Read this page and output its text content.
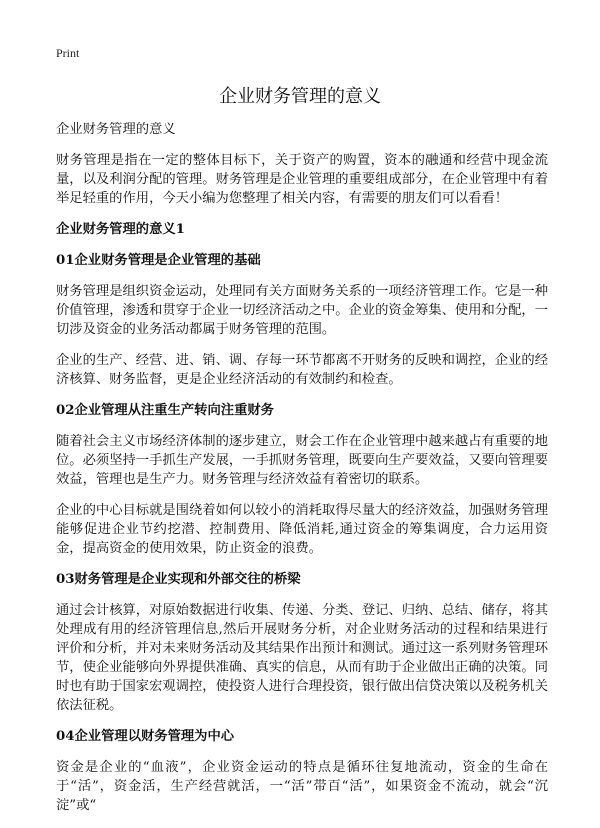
Print
企业财务管理的意义

企业财务管理的意义

财务管理是指在一定的整体目标下，关于资产的购置，资本的融通和经营中现金流量，以及利润分配的管理。财务管理是企业管理的重要组成部分，在企业管理中有着举足轻重的作用，今天小编为您整理了相关内容，有需要的朋友们可以看看！

企业财务管理的意义1
01企业财务管理是企业管理的基础

财务管理是组织资金运动，处理同有关方面财务关系的一项经济管理工作。它是一种价值管理，渗透和贯穿于企业一切经济活动之中。企业的资金筹集、使用和分配，一切涉及资金的业务活动都属于财务管理的范围。

企业的生产、经营、进、销、调、存每一环节都离不开财务的反映和调控，企业的经济核算、财务监督，更是企业经济活动的有效制约和检查。

02企业管理从注重生产转向注重财务

随着社会主义市场经济体制的逐步建立，财会工作在企业管理中越来越占有重要的地位。必须坚持一手抓生产发展，一手抓财务管理，既要向生产要效益，又要向管理要效益，管理也是生产力。财务管理与经济效益有着密切的联系。

企业的中心目标就是围绕着如何以较小的消耗取得尽量大的经济效益，加强财务管理能够促进企业节约挖潜、控制费用、降低消耗,通过资金的筹集调度，合力运用资金，提高资金的使用效果，防止资金的浪费。

03财务管理是企业实现和外部交往的桥梁

通过会计核算，对原始数据进行收集、传递、分类、登记、归纳、总结、储存，将其处理成有用的经济管理信息,然后开展财务分析，对企业财务活动的过程和结果进行评价和分析，并对未来财务活动及其结果作出预计和测试。通过这一系列财务管理环节，使企业能够向外界提供准确、真实的信息，从而有助于企业做出正确的决策。同时也有助于国家宏观调控，使投资人进行合理投资，银行做出信贷决策以及税务机关依法征税。

04企业管理以财务管理为中心

资金是企业的“血液”，企业资金运动的特点是循环往复地流动，资金的生命在于“活”，资金活，生产经营就活，一“活”带百“活”，如果资金不流动，就会“沉淀”或“
